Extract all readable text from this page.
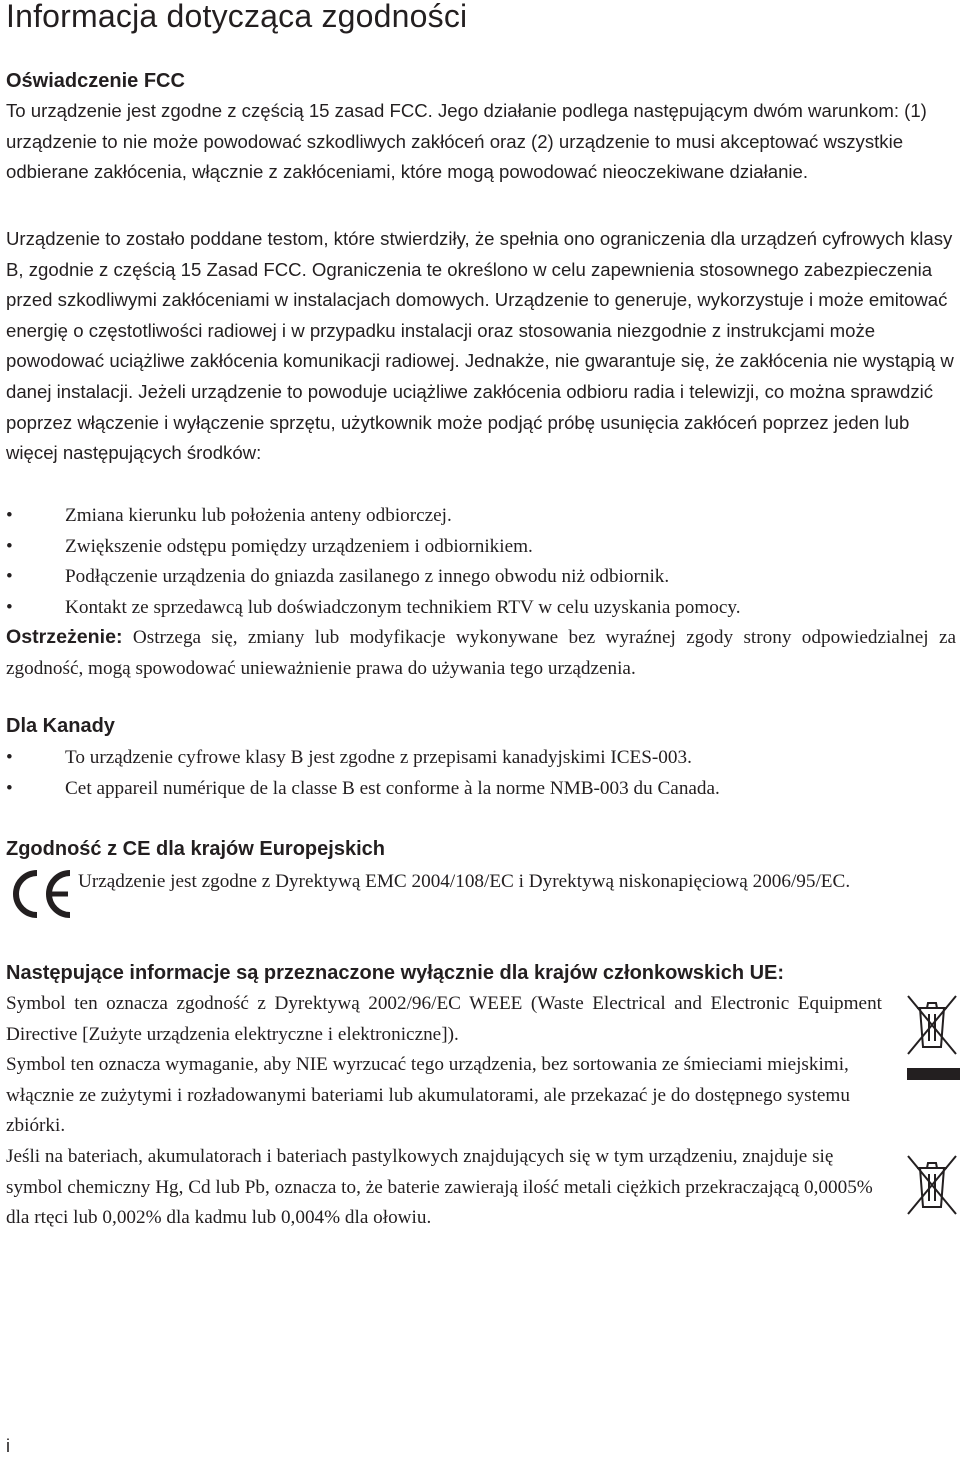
Informacja dotycząca zgodności
Oświadczenie FCC

To urządzenie jest zgodne z częścią 15 zasad FCC. Jego działanie podlega następującym dwóm warunkom: (1) urządzenie to nie może powodować szkodliwych zakłóceń oraz (2) urządzenie to musi akceptować wszystkie odbierane zakłócenia, włącznie z zakłóceniami, które mogą powodować nieoczekiwane działanie.

Urządzenie to zostało poddane testom, które stwierdziły, że spełnia ono ograniczenia dla urządzeń cyfrowych klasy B, zgodnie z częścią 15 Zasad FCC. Ograniczenia te określono w celu zapewnienia stosownego zabezpieczenia przed szkodliwymi zakłóceniami w instalacjach domowych. Urządzenie to generuje, wykorzystuje i może emitować energię o częstotliwości radiowej i w przypadku instalacji oraz stosowania niezgodnie z instrukcjami może powodować uciążliwe zakłócenia komunikacji radiowej. Jednakże, nie gwarantuje się, że zakłócenia nie wystąpią w danej instalacji. Jeżeli urządzenie to powoduje uciążliwe zakłócenia odbioru radia i telewizji, co można sprawdzić poprzez włączenie i wyłączenie sprzętu, użytkownik może podjąć próbę usunięcia zakłóceń poprzez jeden lub więcej następujących środków:

•	Zmiana kierunku lub położenia anteny odbiorczej.
•	Zwiększenie odstępu pomiędzy urządzeniem i odbiornikiem.
•	Podłączenie urządzenia do gniazda zasilanego z innego obwodu niż odbiornik.
•	Kontakt ze sprzedawcą lub doświadczonym technikiem RTV w celu uzyskania pomocy.

Ostrzeżenie: Ostrzega się, zmiany lub modyfikacje wykonywane bez wyraźnej zgody strony odpowiedzialnej za zgodność, mogą spowodować unieważnienie prawa do używania tego urządzenia.

Dla Kanady
•	To urządzenie cyfrowe klasy B jest zgodne z przepisami kanadyjskimi ICES-003.
•	Cet appareil numérique de la classe B est conforme à la norme NMB-003 du Canada.
Zgodność z CE dla krajów Europejskich

Urządzenie jest zgodne z Dyrektywą EMC 2004/108/EC i Dyrektywą niskonapięciową 2006/95/EC.

Następujące informacje są przeznaczone wyłącznie dla krajów członkowskich UE:

Symbol ten oznacza zgodność z Dyrektywą 2002/96/EC WEEE (Waste Electrical and Electronic Equipment Directive [Zużyte urządzenia elektryczne i elektroniczne]).

Symbol ten oznacza wymaganie, aby NIE wyrzucać tego urządzenia, bez sortowania ze śmieciami miejskimi, włącznie ze zużytymi i rozładowanymi bateriami lub akumulatorami, ale przekazać je do dostępnego systemu zbiórki.

Jeśli na bateriach, akumulatorach i bateriach pastylkowych znajdujących się w tym urządzeniu, znajduje się symbol chemiczny Hg, Cd lub Pb, oznacza to, że baterie zawierają ilość metali ciężkich przekraczającą 0,0005% dla rtęci lub 0,002% dla kadmu lub 0,004% dla ołowiu.

i
